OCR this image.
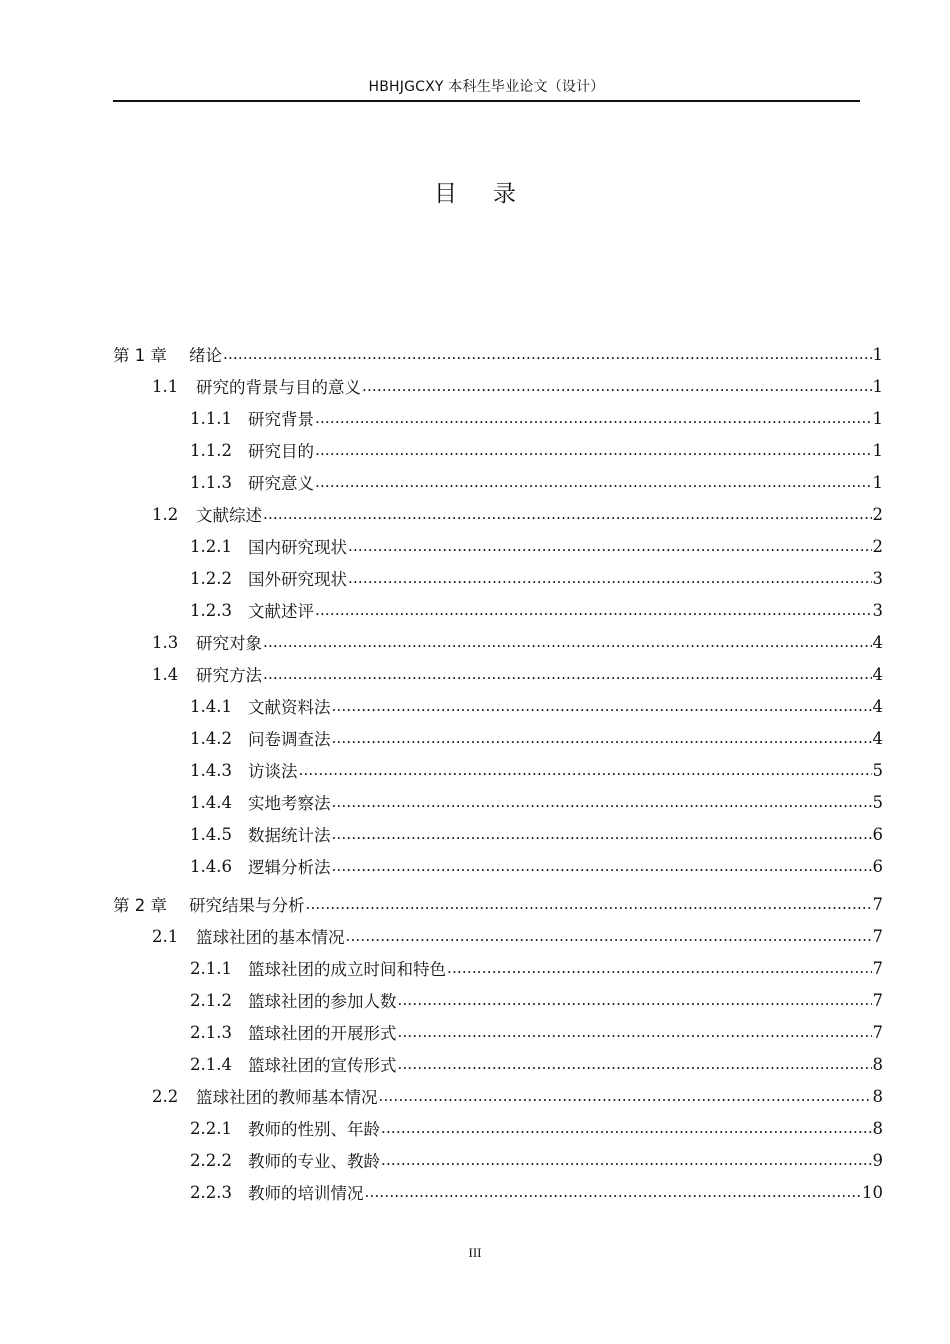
HBHJGCXY 本科生毕业论文（设计）
目录
第 1 章	绪论 .....	1
1.1	研究的背景与目的意义 .....	1
1.1.1 研究背景 .....	1
1.1.2 研究目的 .....	1
1.1.3 研究意义 .....	1
1.2	文献综述 .....	2
1.2.1 国内研究现状 .....	2
1.2.2 国外研究现状 .....	3
1.2.3 文献述评 .....	3
1.3	研究对象 .....	4
1.4	研究方法 .....	4
1.4.1 文献资料法 .....	4
1.4.2 问卷调查法 .....	4
1.4.3 访谈法 .....	5
1.4.4 实地考察法 .....	5
1.4.5 数据统计法 .....	6
1.4.6 逻辑分析法 .....	6
第 2 章	研究结果与分析 .....	7
2.1	篮球社团的基本情况 .....	7
2.1.1 篮球社团的成立时间和特色 .....	7
2.1.2 篮球社团的参加人数 .....	7
2.1.3 篮球社团的开展形式 .....	7
2.1.4 篮球社团的宣传形式 .....	8
2.2	篮球社团的教师基本情况 .....	8
2.2.1 教师的性别、年龄 .....	8
2.2.2 教师的专业、教龄 .....	9
2.2.3 教师的培训情况 .....	10
III
